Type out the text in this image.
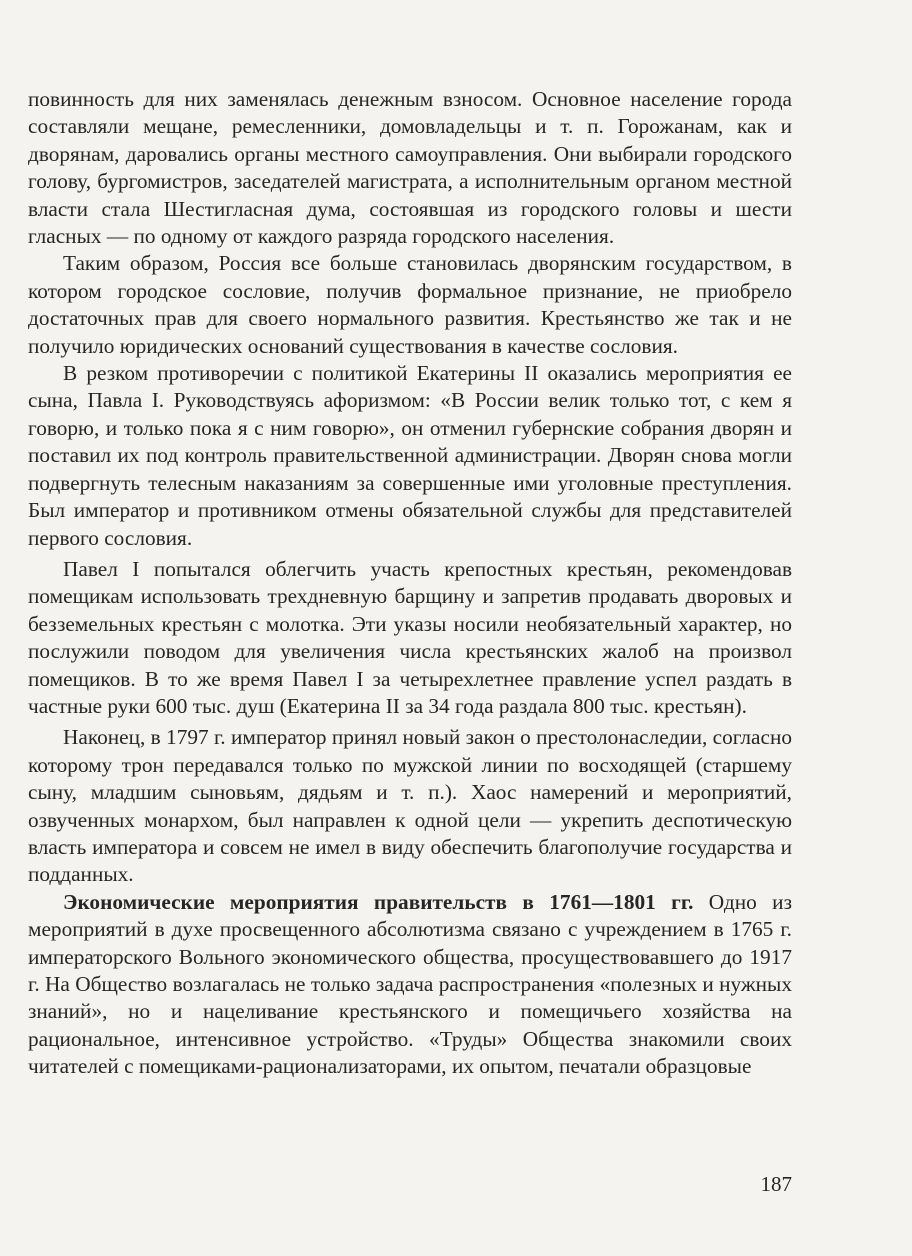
повинность для них заменялась денежным взносом. Основное население города составляли мещане, ремесленники, домовладельцы и т. п. Горожанам, как и дворянам, даровались органы местного самоуправления. Они выбирали городского голову, бургомистров, заседателей магистрата, а исполнительным органом местной власти стала Шестигласная дума, состоявшая из городского головы и шести гласных — по одному от каждого разряда городского населения.

Таким образом, Россия все больше становилась дворянским государством, в котором городское сословие, получив формальное признание, не приобрело достаточных прав для своего нормального развития. Крестьянство же так и не получило юридических оснований существования в качестве сословия.

В резком противоречии с политикой Екатерины II оказались мероприятия ее сына, Павла I. Руководствуясь афоризмом: «В России велик только тот, с кем я говорю, и только пока я с ним говорю», он отменил губернские собрания дворян и поставил их под контроль правительственной администрации. Дворян снова могли подвергнуть телесным наказаниям за совершенные ими уголовные преступления. Был император и противником отмены обязательной службы для представителей первого сословия.

Павел I попытался облегчить участь крепостных крестьян, рекомендовав помещикам использовать трехдневную барщину и запретив продавать дворовых и безземельных крестьян с молотка. Эти указы носили необязательный характер, но послужили поводом для увеличения числа крестьянских жалоб на произвол помещиков. В то же время Павел I за четырехлетнее правление успел раздать в частные руки 600 тыс. душ (Екатерина II за 34 года раздала 800 тыс. крестьян).

Наконец, в 1797 г. император принял новый закон о престолонаследии, согласно которому трон передавался только по мужской линии по восходящей (старшему сыну, младшим сыновьям, дядьям и т. п.). Хаос намерений и мероприятий, озвученных монархом, был направлен к одной цели — укрепить деспотическую власть императора и совсем не имел в виду обеспечить благополучие государства и подданных.

Экономические мероприятия правительств в 1761—1801 гг. Одно из мероприятий в духе просвещенного абсолютизма связано с учреждением в 1765 г. императорского Вольного экономического общества, просуществовавшего до 1917 г. На Общество возлагалась не только задача распространения «полезных и нужных знаний», но и нацеливание крестьянского и помещичьего хозяйства на рациональное, интенсивное устройство. «Труды» Общества знакомили своих читателей с помещиками-рационализаторами, их опытом, печатали образцовые

187
